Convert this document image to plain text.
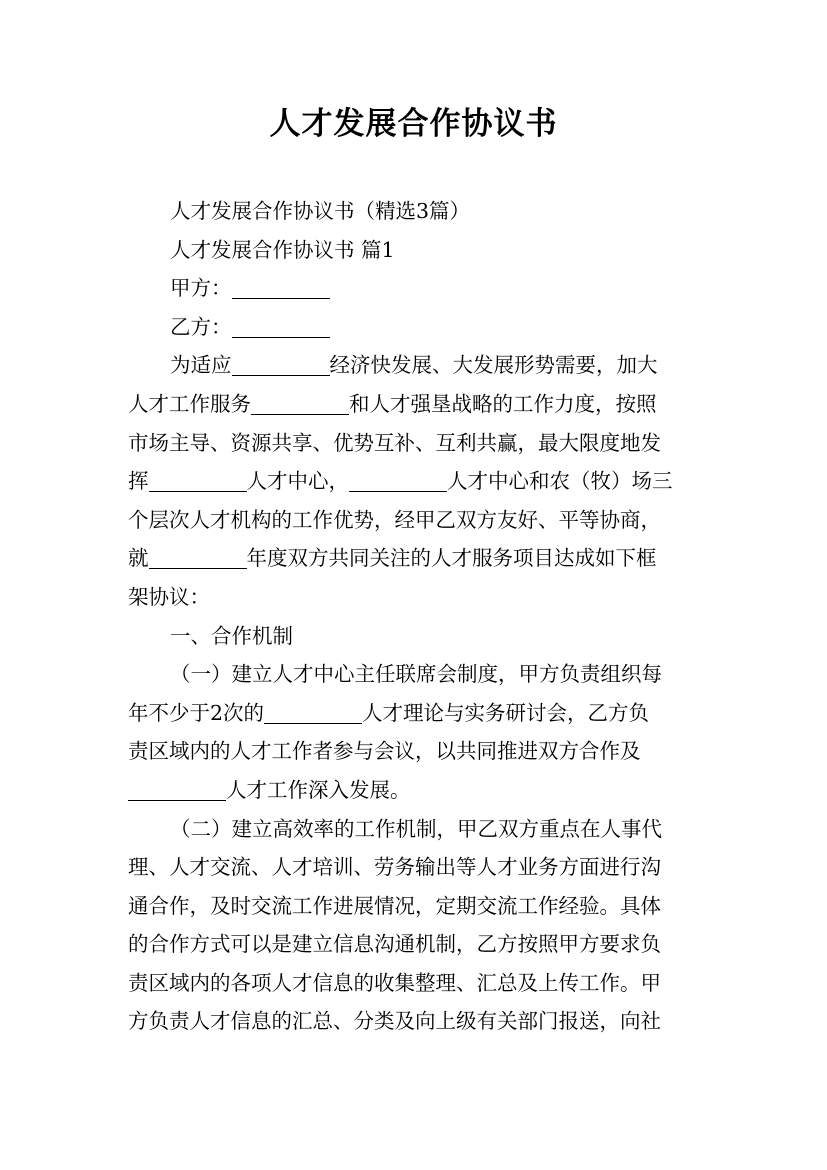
人才发展合作协议书
人才发展合作协议书（精选3篇）
人才发展合作协议书 篇1
甲方：
乙方：
为适应	经济快发展、大发展形势需要，加大
人才工作服务	和人才强垦战略的工作力度，按照
市场主导、资源共享、优势互补、互利共赢，最大限度地发
挥	人才中心，	人才中心和农（牧）场三
个层次人才机构的工作优势，经甲乙双方友好、平等协商，
就	年度双方共同关注的人才服务项目达成如下框
架协议：
一、合作机制
（一）建立人才中心主任联席会制度，甲方负责组织每
年不少于2次的	人才理论与实务研讨会，乙方负
责区域内的人才工作者参与会议，以共同推进双方合作及
人才工作深入发展。
（二）建立高效率的工作机制，甲乙双方重点在人事代
理、人才交流、人才培训、劳务输出等人才业务方面进行沟
通合作，及时交流工作进展情况，定期交流工作经验。具体
的合作方式可以是建立信息沟通机制，乙方按照甲方要求负
责区域内的各项人才信息的收集整理、汇总及上传工作。甲
方负责人才信息的汇总、分类及向上级有关部门报送，向社
